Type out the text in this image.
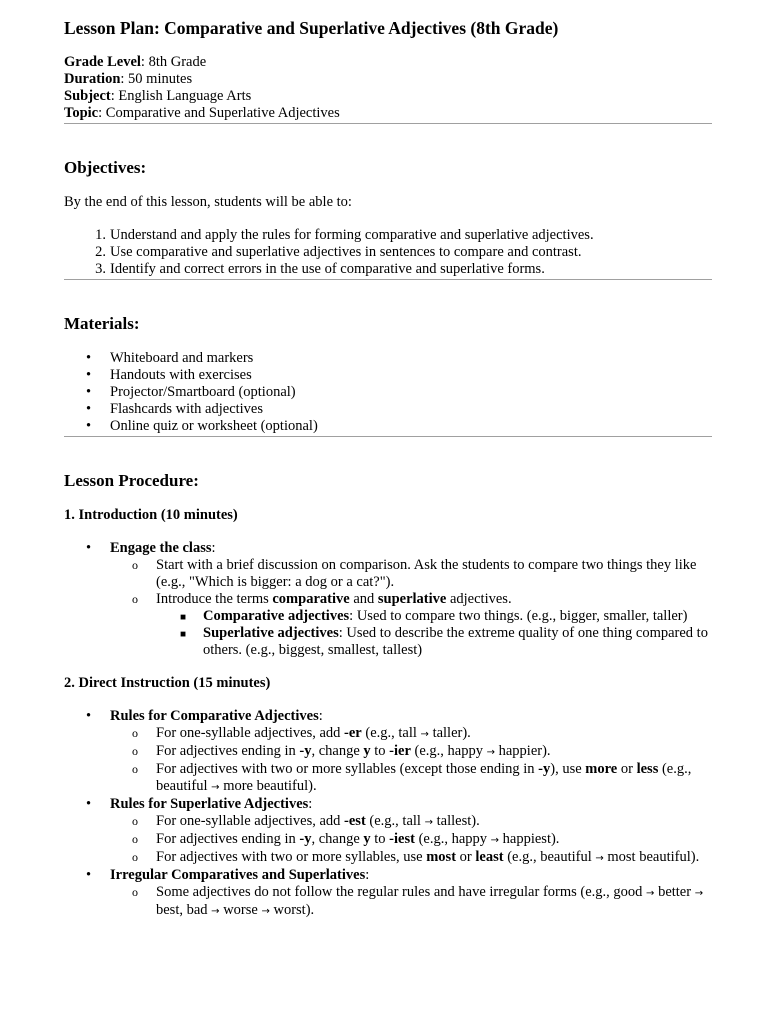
Lesson Plan: Comparative and Superlative Adjectives (8th Grade)
Grade Level: 8th Grade
Duration: 50 minutes
Subject: English Language Arts
Topic: Comparative and Superlative Adjectives
Objectives:

By the end of this lesson, students will be able to:

1. Understand and apply the rules for forming comparative and superlative adjectives.
2. Use comparative and superlative adjectives in sentences to compare and contrast.
3. Identify and correct errors in the use of comparative and superlative forms.
Materials:
•	Whiteboard and markers
•	Handouts with exercises
•	Projector/Smartboard (optional)
•	Flashcards with adjectives
•	Online quiz or worksheet (optional)
Lesson Procedure:
1. Introduction (10 minutes)
•	Engage the class:
o Start with a brief discussion on comparison. Ask the students to compare two things they like (e.g., "Which is bigger: a dog or a cat?").
o Introduce the terms comparative and superlative adjectives.
■ Comparative adjectives: Used to compare two things. (e.g., bigger, smaller, taller)
■ Superlative adjectives: Used to describe the extreme quality of one thing compared to others. (e.g., biggest, smallest, tallest)
2. Direct Instruction (15 minutes)
•	Rules for Comparative Adjectives:
o For one-syllable adjectives, add -er (e.g., tall → taller).
o For adjectives ending in -y, change y to -ier (e.g., happy → happier).
o For adjectives with two or more syllables (except those ending in -y), use more or less (e.g., beautiful → more beautiful).
•	Rules for Superlative Adjectives:
o For one-syllable adjectives, add -est (e.g., tall → tallest).
o For adjectives ending in -y, change y to -iest (e.g., happy → happiest).
o For adjectives with two or more syllables, use most or least (e.g., beautiful → most beautiful).
•	Irregular Comparatives and Superlatives:
o Some adjectives do not follow the regular rules and have irregular forms (e.g., good → better → best, bad → worse → worst).
